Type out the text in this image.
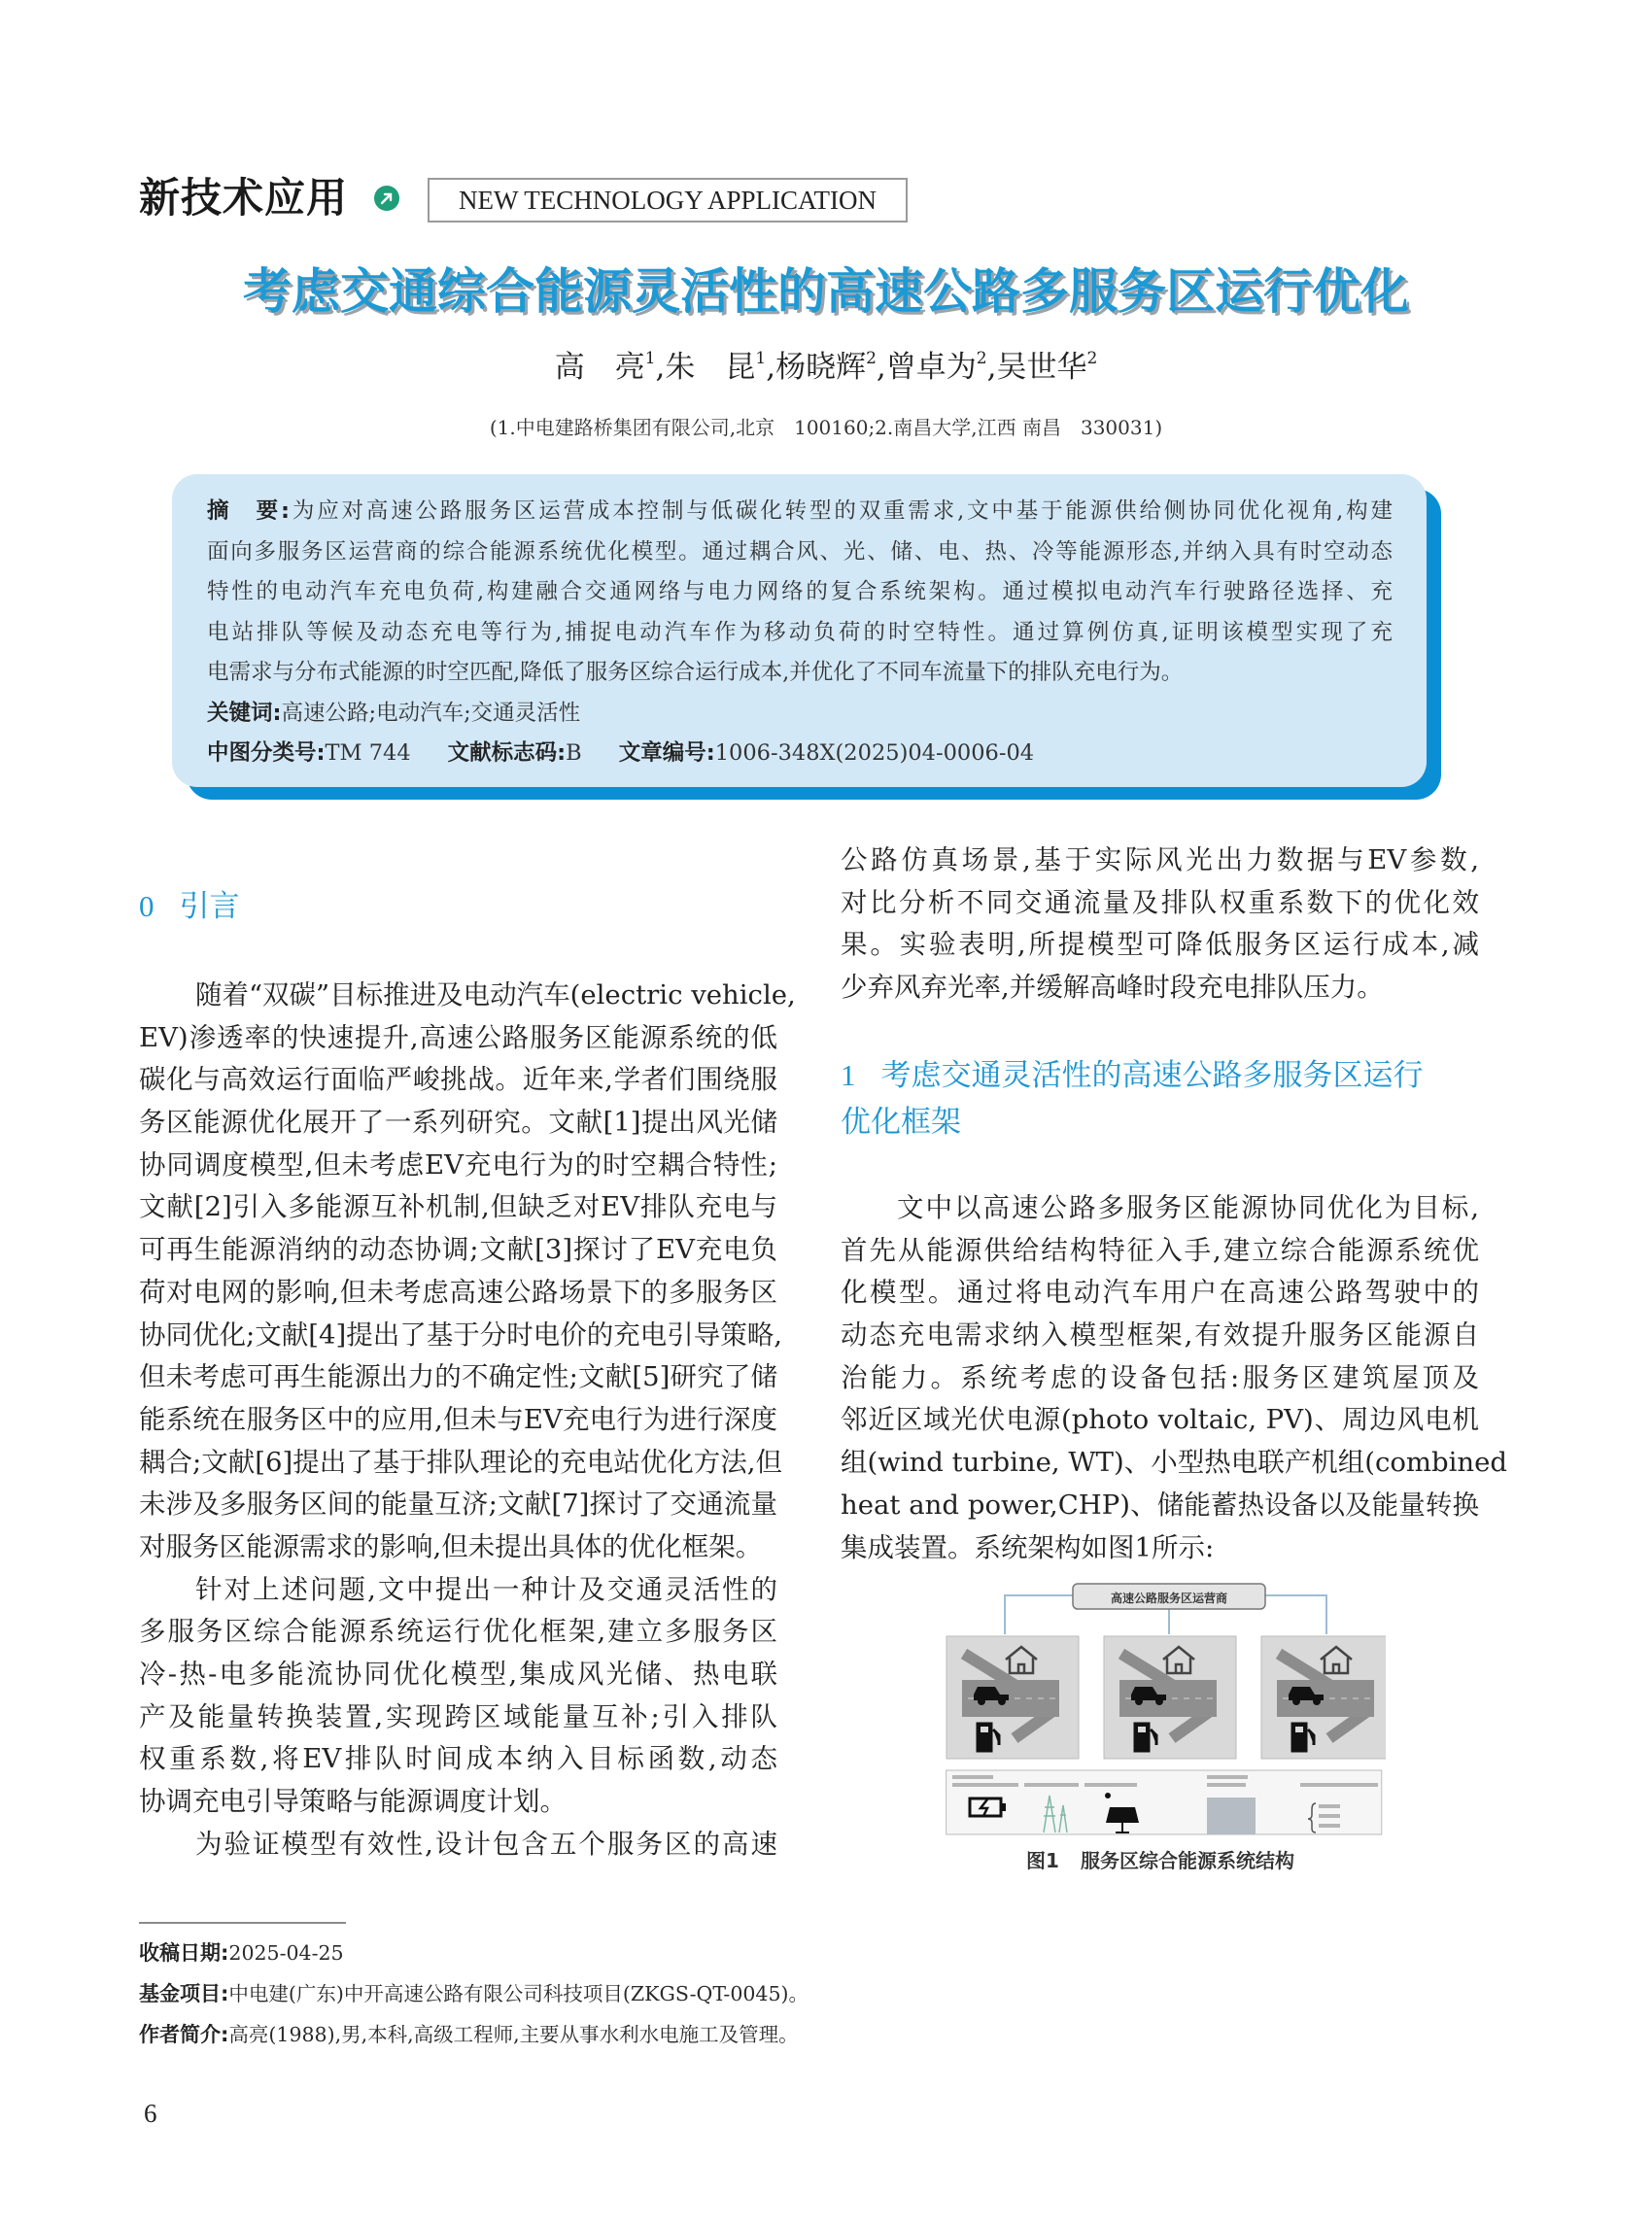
新技术应用	NEW TECHNOLOGY APPLICATION
考虑交通综合能源灵活性的高速公路多服务区运行优化
高　亮$^1$,朱　昆$^1$,杨晓辉$^2$,曾卓为$^2$,吴世华$^2$
(1.中电建路桥集团有限公司,北京　100160;2.南昌大学,江西 南昌　330031)
摘　要:为应对高速公路服务区运营成本控制与低碳化转型的双重需求,文中基于能源供给侧协同优化视角,构建
面向多服务区运营商的综合能源系统优化模型。通过耦合风、光、储、电、热、冷等能源形态,并纳入具有时空动态
特性的电动汽车充电负荷,构建融合交通网络与电力网络的复合系统架构。通过模拟电动汽车行驶路径选择、充
电站排队等候及动态充电等行为,捕捉电动汽车作为移动负荷的时空特性。通过算例仿真,证明该模型实现了充
电需求与分布式能源的时空匹配,降低了服务区综合运行成本,并优化了不同车流量下的排队充电行为。
关键词:高速公路;电动汽车;交通灵活性
中图分类号:TM 744 文献标志码:B 文章编号:1006-348X(2025)04-0006-04
0 引言
随着“双碳”目标推进及电动汽车(electric vehicle,
EV)渗透率的快速提升,高速公路服务区能源系统的低
碳化与高效运行面临严峻挑战。近年来,学者们围绕服
务区能源优化展开了一系列研究。文献[1]提出风光储
协同调度模型,但未考虑EV充电行为的时空耦合特性;
文献[2]引入多能源互补机制,但缺乏对EV排队充电与
可再生能源消纳的动态协调;文献[3]探讨了EV充电负
荷对电网的影响,但未考虑高速公路场景下的多服务区
协同优化;文献[4]提出了基于分时电价的充电引导策略,
但未考虑可再生能源出力的不确定性;文献[5]研究了储
能系统在服务区中的应用,但未与EV充电行为进行深度
耦合;文献[6]提出了基于排队理论的充电站优化方法,但
未涉及多服务区间的能量互济;文献[7]探讨了交通流量
对服务区能源需求的影响,但未提出具体的优化框架。
针对上述问题,文中提出一种计及交通灵活性的
多服务区综合能源系统运行优化框架,建立多服务区
冷-热-电多能流协同优化模型,集成风光储、热电联
产及能量转换装置,实现跨区域能量互补;引入排队
权重系数,将EV排队时间成本纳入目标函数,动态
协调充电引导策略与能源调度计划。
为验证模型有效性,设计包含五个服务区的高速
公路仿真场景,基于实际风光出力数据与EV参数,
对比分析不同交通流量及排队权重系数下的优化效
果。实验表明,所提模型可降低服务区运行成本,减
少弃风弃光率,并缓解高峰时段充电排队压力。
1 考虑交通灵活性的高速公路多服务区运行
优化框架
文中以高速公路多服务区能源协同优化为目标,
首先从能源供给结构特征入手,建立综合能源系统优
化模型。通过将电动汽车用户在高速公路驾驶中的
动态充电需求纳入模型框架,有效提升服务区能源自
治能力。系统考虑的设备包括:服务区建筑屋顶及
邻近区域光伏电源(photo voltaic, PV)、周边风电机
组(wind turbine, WT)、小型热电联产机组(combined
heat and power,CHP)、储能蓄热设备以及能量转换
集成装置。系统架构如图1所示:
高速公路服务区运营商
图1 服务区综合能源系统结构
收稿日期:2025-04-25
基金项目:中电建(广东)中开高速公路有限公司科技项目(ZKGS-QT-0045)。
作者简介:高亮(1988),男,本科,高级工程师,主要从事水利水电施工及管理。
6
